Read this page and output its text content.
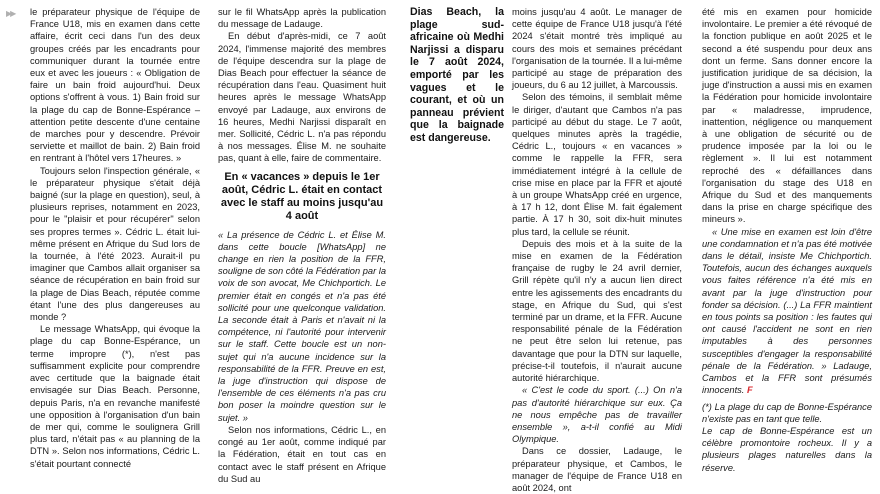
▶▶ le préparateur physique de l'équipe de France U18, mis en examen dans cette affaire, écrit ceci dans l'un des deux groupes créés par les encadrants pour communiquer durant la tournée entre eux et avec les joueurs : « Obligation de faire un bain froid aujourd'hui. Deux options s'offrent à vous. 1) Bain froid sur la plage du cap de Bonne-Espérance – attention petite descente d'une centaine de marches pour y descendre. Prévoir serviette et maillot de bain. 2) Bain froid en rentrant à l'hôtel vers 17heures. »

Toujours selon l'inspection générale, « le préparateur physique s'était déjà baigné (sur la plage en question), seul, à plusieurs reprises, notamment en 2023, pour le "plaisir et pour récupérer" selon ses propres termes ». Cédric L. était lui-même présent en Afrique du Sud lors de la tournée, à l'été 2023. Aurait-il pu imaginer que Cambos allait organiser sa séance de récupération en bain froid sur la plage de Dias Beach, réputée comme étant l'une des plus dangereuses au monde ?

Le message WhatsApp, qui évoque la plage du cap Bonne-Espérance, un terme impropre (*), n'est pas suffisamment explicite pour comprendre avec certitude que la baignade était envisagée sur Dias Beach. Personne, depuis Paris, n'a en revanche manifesté une opposition à l'organisation d'un bain de mer qui, comme le soulignera Grill plus tard, n'était pas « au planning de la DTN ». Selon nos informations, Cédric L. s'était pourtant connecté

sur le fil WhatsApp après la publication du message de Ladauge.

En début d'après-midi, ce 7 août 2024, l'immense majorité des membres de l'équipe descendra sur la plage de Dias Beach pour effectuer la séance de récupération dans l'eau. Quasiment huit heures après le message WhatsApp envoyé par Ladauge, aux environs de 16 heures, Medhi Narjissi disparaît en mer. Sollicité, Cédric L. n'a pas répondu à nos messages. Élise M. ne souhaite pas, quant à elle, faire de commentaire.

En « vacances » depuis le 1er août, Cédric L. était en contact avec le staff au moins jusqu'au 4 août

« La présence de Cédric L. et Élise M. dans cette boucle [WhatsApp] ne change en rien la position de la FFR, souligne de son côté la Fédération par la voix de son avocat, Me Chichportich. Le premier était en congés et n'a pas été sollicité pour une quelconque validation. La seconde était à Paris et n'avait ni la compétence, ni l'autorité pour intervenir sur le staff. Cette boucle est un non-sujet qui n'a aucune incidence sur la responsabilité de la FFR. Preuve en est, la juge d'instruction qui dispose de l'ensemble de ces éléments n'a pas cru bon poser la moindre question sur le sujet. »

Selon nos informations, Cédric L., en congé au 1er août, comme indiqué par la Fédération, était en tout cas en contact avec le staff présent en Afrique du Sud au

Dias Beach, la plage sud-africaine où Medhi Narjissi a disparu le 7 août 2024, emporté par les vagues et le courant, et où un panneau prévient que la baignade est dangereuse.

moins jusqu'au 4 août. Le manager de cette équipe de France U18 jusqu'à l'été 2024 s'était montré très impliqué au cours des mois et semaines précédant l'organisation de la tournée. Il a lui-même participé au stage de préparation des joueurs, du 6 au 12 juillet, à Marcoussis.

Selon des témoins, il semblait même le diriger, d'autant que Cambos n'a pas participé au début du stage. Le 7 août, quelques minutes après la tragédie, Cédric L., toujours « en vacances » comme le rappelle la FFR, sera immédiatement intégré à la cellule de crise mise en place par la FFR et ajouté à un groupe WhatsApp créé en urgence, à 17 h 12, dont Élise M. fait également partie. À 17 h 30, soit dix-huit minutes plus tard, la cellule se réunit.

Depuis des mois et à la suite de la mise en examen de la Fédération française de rugby le 24 avril dernier, Grill répète qu'il n'y a aucun lien direct entre les agissements des encadrants du stage, en Afrique du Sud, qui s'est terminé par un drame, et la FFR. Aucune responsabilité pénale de la Fédération ne peut être selon lui retenue, pas davantage que pour la DTN sur laquelle, précise-t-il toutefois, il n'aurait aucune autorité hiérarchique.

« C'est le code du sport. (...) On n'a pas d'autorité hiérarchique sur eux. Ça ne nous empêche pas de travailler ensemble », a-t-il confié au Midi Olympique.

Dans ce dossier, Ladauge, le préparateur physique, et Cambos, le manager de l'équipe de France U18 en août 2024, ont

été mis en examen pour homicide involontaire. Le premier a été révoqué de la fonction publique en août 2025 et le second a été suspendu pour deux ans dont un ferme. Sans donner encore la justification juridique de sa décision, la juge d'instruction a aussi mis en examen la Fédération pour homicide involontaire par « maladresse, imprudence, inattention, négligence ou manquement à une obligation de sécurité ou de prudence imposée par la loi ou le règlement ». Il lui est notamment reproché des « défaillances dans l'organisation du stage des U18 en Afrique du Sud et des manquements dans la prise en charge spécifique des mineurs ».

« Une mise en examen est loin d'être une condamnation et n'a pas été motivée dans le détail, insiste Me Chichportich. Toutefois, aucun des échanges auxquels vous faites référence n'a été mis en avant par la juge d'instruction pour fonder sa décision. (...) La FFR maintient en tous points sa position : les fautes qui ont causé l'accident ne sont en rien imputables à des personnes susceptibles d'engager la responsabilité pénale de la Fédération. » Ladauge, Cambos et la FFR sont présumés innocents. F

(*) La plage du cap de Bonne-Espérance n'existe pas en tant que telle.

Le cap de Bonne-Espérance est un célèbre promontoire rocheux. Il y a plusieurs plages naturelles dans la réserve.
